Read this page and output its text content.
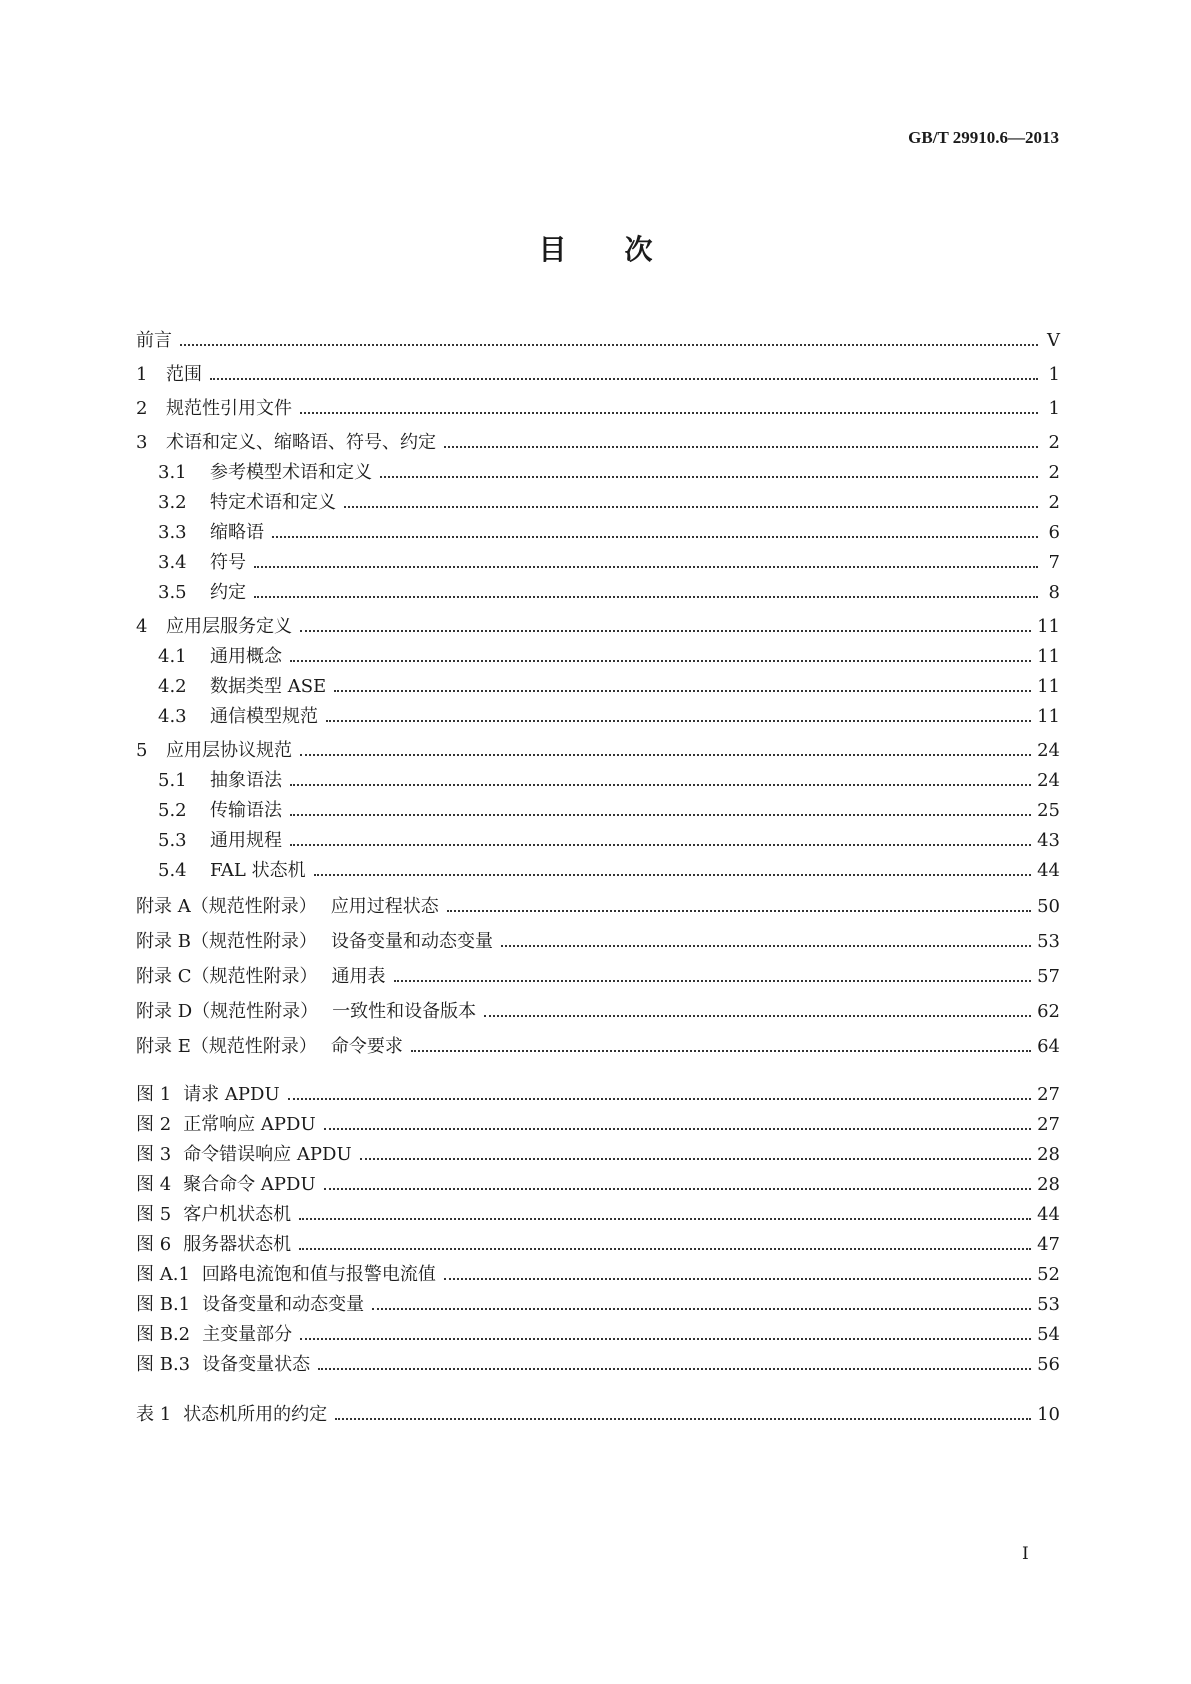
GB/T 29910.6—2013
目次
前言	Ⅴ
1 范围	1
2 规范性引用文件	1
3 术语和定义、缩略语、符号、约定	2
3.1 参考模型术语和定义	2
3.2 特定术语和定义	2
3.3 缩略语	6
3.4 符号	7
3.5 约定	8
4 应用层服务定义	11
4.1 通用概念	11
4.2 数据类型 ASE	11
4.3 通信模型规范	11
5 应用层协议规范	24
5.1 抽象语法	24
5.2 传输语法	25
5.3 通用规程	43
5.4 FAL 状态机	44
附录 A（规范性附录） 应用过程状态	50
附录 B（规范性附录） 设备变量和动态变量	53
附录 C（规范性附录） 通用表	57
附录 D（规范性附录） 一致性和设备版本	62
附录 E（规范性附录） 命令要求	64
图 1 请求 APDU	27
图 2 正常响应 APDU	27
图 3 命令错误响应 APDU	28
图 4 聚合命令 APDU	28
图 5 客户机状态机	44
图 6 服务器状态机	47
图 A.1 回路电流饱和值与报警电流值	52
图 B.1 设备变量和动态变量	53
图 B.2 主变量部分	54
图 B.3 设备变量状态	56
表 1 状态机所用的约定	10
I
